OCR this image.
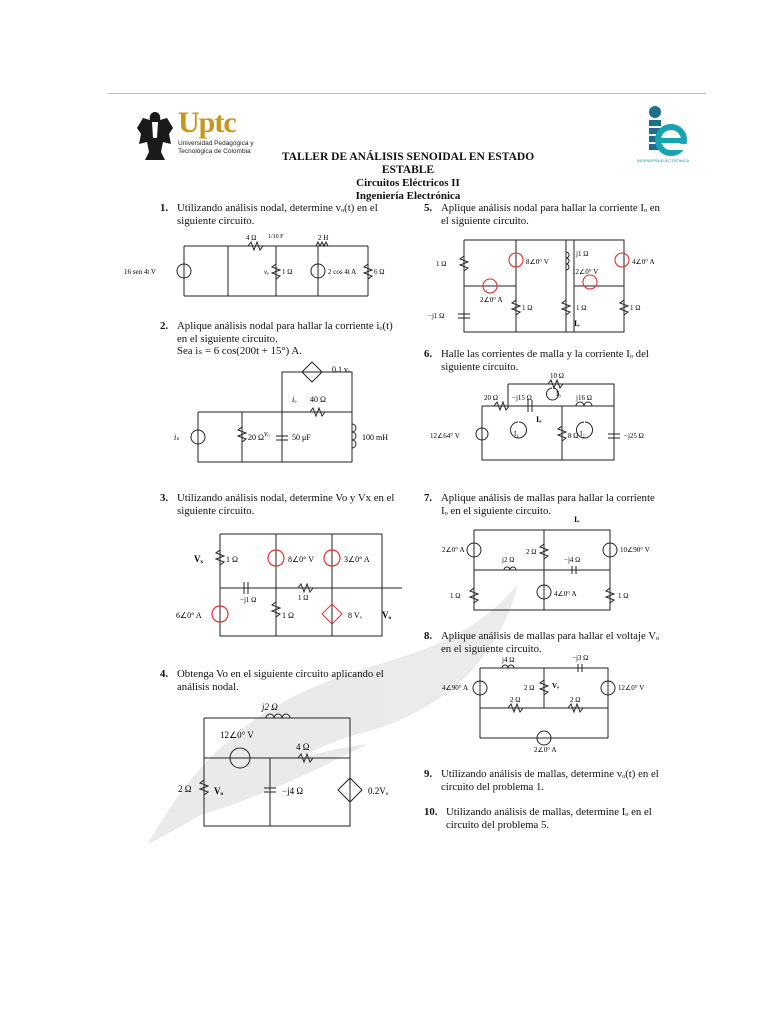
Uptc
Universidad Pedagógica y
Tecnológica de Colombia
INGENIERÍA ELECTRÓNICA
TALLER DE ANÁLISIS SENOIDAL EN ESTADO ESTABLE
Circuitos Eléctricos II
Ingeniería Electrónica
1. Utilizando análisis nodal, determine vₒ(t) en el siguiente circuito.
4 Ω 1/10 F	2 H
16 sen 4t V	1 Ω
vₒ	2 cos 4t A	6 Ω
2. Aplique análisis nodal para hallar la corriente iₒ(t) en el siguiente circuito.
Sea iₛ = 6 cos(200t + 15°) A.
0.1 vₒ
iₒ 40 Ω
iₛ	20 Ω vₒ	50 μF	100 mH
3. Utilizando análisis nodal, determine Vo y Vx en el siguiente circuito.
Vₓ	1 Ω	8∠0° V	3∠0° A
−j1 Ω	1 Ω
6∠0° A	1 Ω	8 Vₓ Vₒ
4. Obtenga Vo en el siguiente circuito aplicando el análisis nodal.
j2 Ω
12∠0° V
4 Ω
2 Ω	Vₒ	−j4 Ω	0.2Vₒ
5. Aplique análisis nodal para hallar la corriente Iₒ en el siguiente circuito.
1 Ω	8∠0° V
j1 Ω
12∠0° V
4∠0° A
2∠0° A
−j1 Ω
1 Ω	1 Ω	1 Ω
Iₒ
6. Halle las corrientes de malla y la corriente Iₒ del siguiente circuito.
10 Ω
I₃
20 Ω −j15 Ω	j16 Ω
Iₒ
I₁	I₂
12∠64° V	8 Ω	−j25 Ω
7. Aplique análisis de mallas para hallar la corriente Iₒ en el siguiente circuito.
Iₒ
2∠0° A
j2 Ω
2 Ω
−j4 Ω
10∠90° V
1 Ω	4∠0° A	1 Ω
8. Aplique análisis de mallas para hallar el voltaje Vₒ en el siguiente circuito.
j4 Ω	−j3 Ω
4∠90° A	2 Ω	Vₒ	12∠0° V
2 Ω	2 Ω
2∠0° A
9. Utilizando análisis de mallas, determine vₒ(t) en el circuito del problema 1.
10. Utilizando análisis de mallas, determine Iₒ en el circuito del problema 5.
